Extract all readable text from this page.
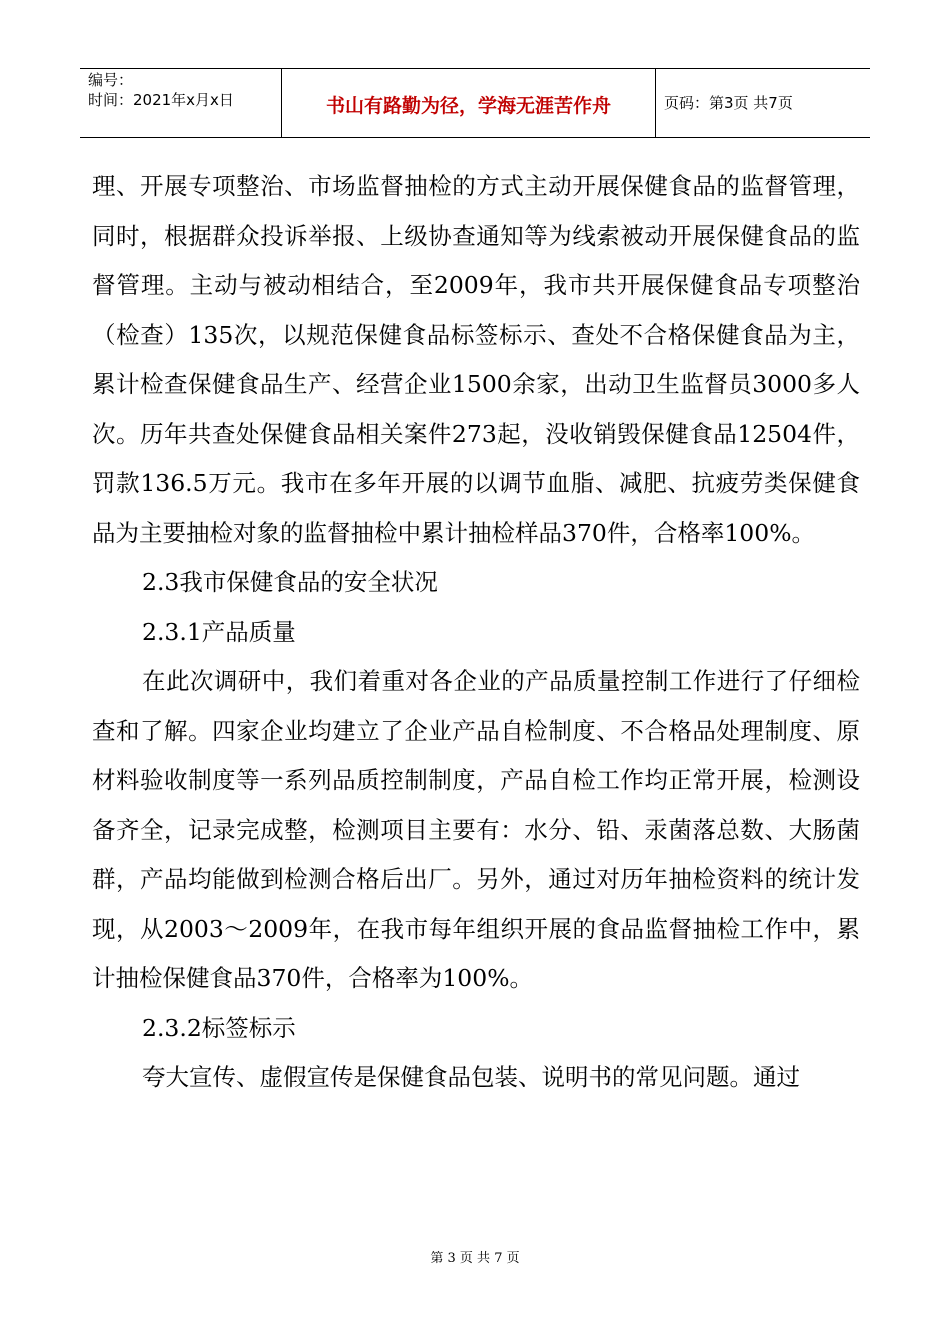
编号：
时间：2021年x月x日	书山有路勤为径，学海无涯苦作舟	页码：第3页 共7页

理、开展专项整治、市场监督抽检的方式主动开展保健食品的监督管理，同时，根据群众投诉举报、上级协查通知等为线索被动开展保健食品的监督管理。主动与被动相结合，至2009年，我市共开展保健食品专项整治（检查）135次，以规范保健食品标签标示、查处不合格保健食品为主，累计检查保健食品生产、经营企业1500余家，出动卫生监督员3000多人次。历年共查处保健食品相关案件273起，没收销毁保健食品12504件，罚款136.5万元。我市在多年开展的以调节血脂、减肥、抗疲劳类保健食品为主要抽检对象的监督抽检中累计抽检样品370件，合格率100%。

2.3我市保健食品的安全状况

2.3.1产品质量

在此次调研中，我们着重对各企业的产品质量控制工作进行了仔细检查和了解。四家企业均建立了企业产品自检制度、不合格品处理制度、原材料验收制度等一系列品质控制制度，产品自检工作均正常开展，检测设备齐全，记录完成整，检测项目主要有：水分、铅、汞菌落总数、大肠菌群，产品均能做到检测合格后出厂。另外，通过对历年抽检资料的统计发现，从2003～2009年，在我市每年组织开展的食品监督抽检工作中，累计抽检保健食品370件，合格率为100%。

2.3.2标签标示

夸大宣传、虚假宣传是保健食品包装、说明书的常见问题。通过

第 3 页 共 7 页
